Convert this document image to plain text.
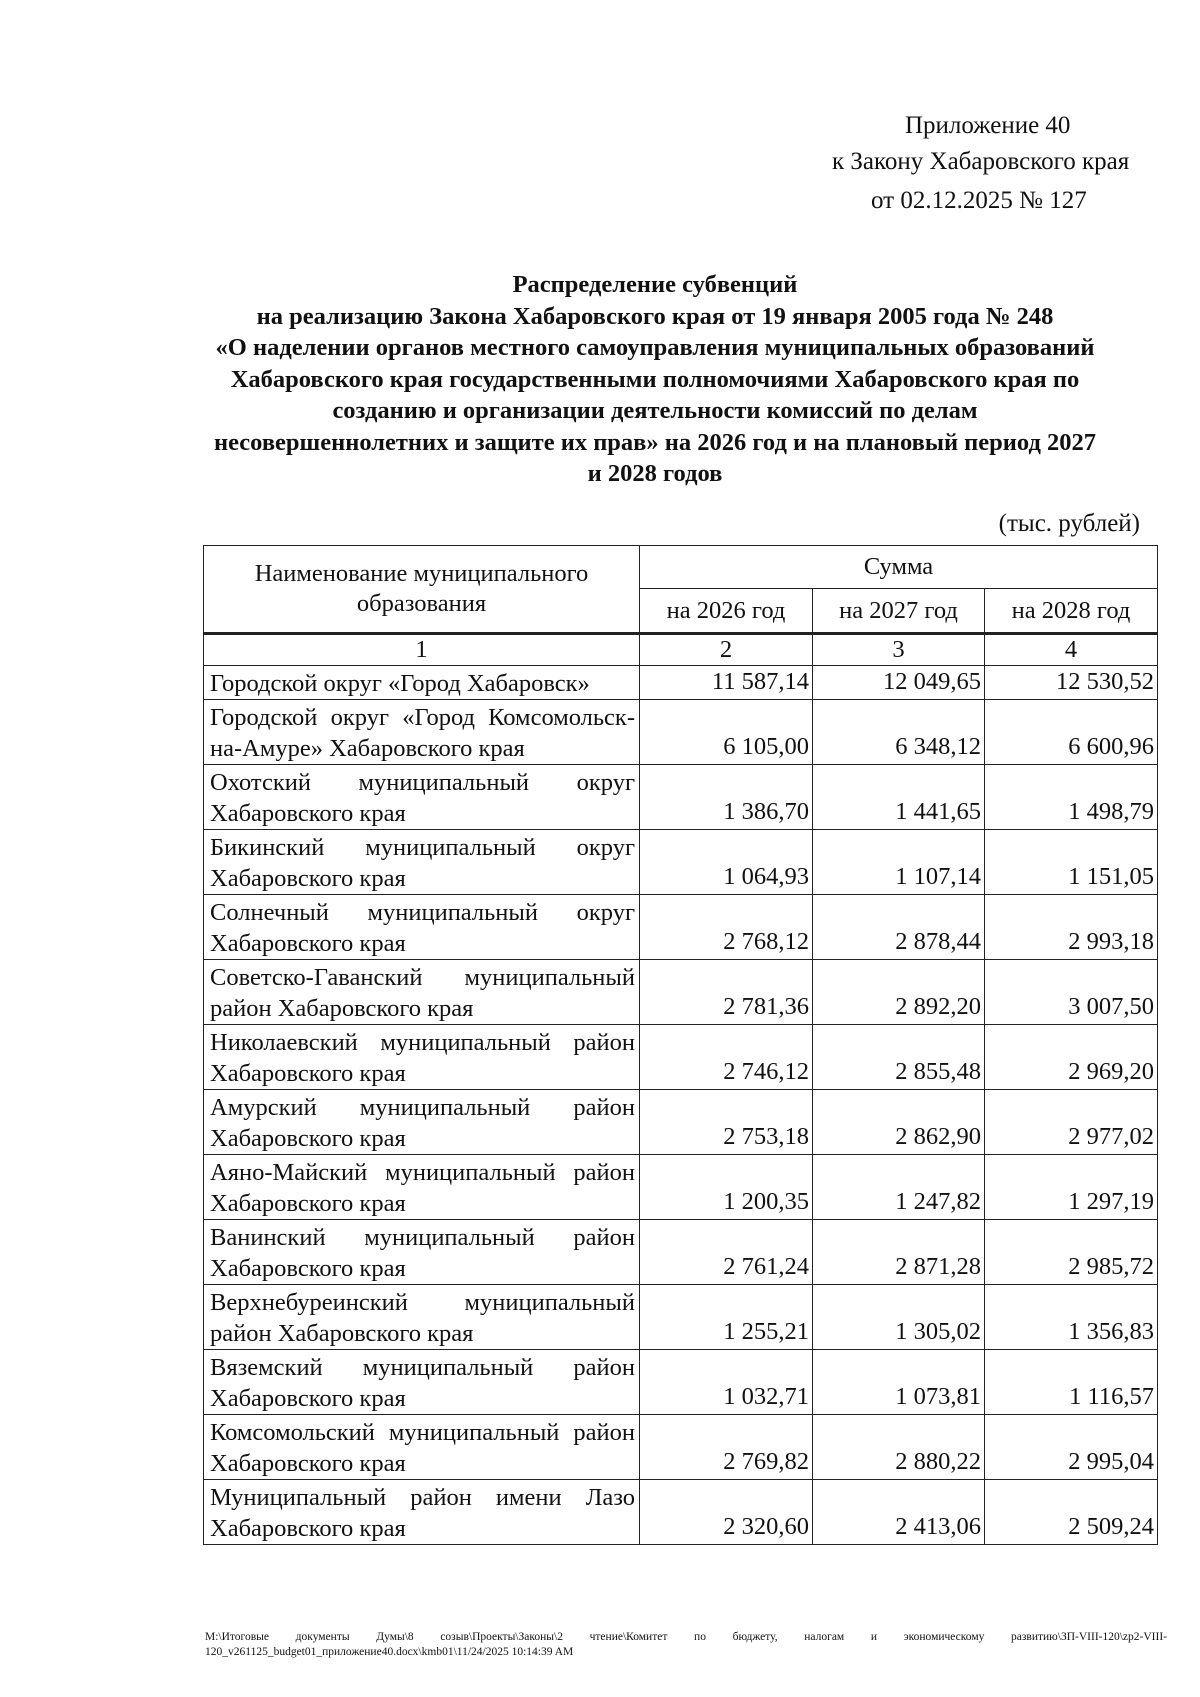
Приложение 40
к Закону Хабаровского края
от 02.12.2025 № 127
Распределение субвенций
на реализацию Закона Хабаровского края от 19 января 2005 года № 248
«О наделении органов местного самоуправления муниципальных образований
Хабаровского края государственными полномочиями Хабаровского края по
созданию и организации деятельности комиссий по делам
несовершеннолетних и защите их прав» на 2026 год и на плановый период 2027
и 2028 годов
(тыс. рублей)
Наименование муниципального образования	Сумма		
	на 2026 год	на 2027 год	на 2028 год
1	2	3	4
Городской округ «Город Хабаровск»	11 587,14	12 049,65	12 530,52
Городской округ «Город Комсомольск-на-Амуре» Хабаровского края	6 105,00	6 348,12	6 600,96
Охотский муниципальный округ Хабаровского края	1 386,70	1 441,65	1 498,79
Бикинский муниципальный округ Хабаровского края	1 064,93	1 107,14	1 151,05
Солнечный муниципальный округ Хабаровского края	2 768,12	2 878,44	2 993,18
Советско-Гаванский муниципальный район Хабаровского края	2 781,36	2 892,20	3 007,50
Николаевский муниципальный район Хабаровского края	2 746,12	2 855,48	2 969,20
Амурский муниципальный район Хабаровского края	2 753,18	2 862,90	2 977,02
Аяно-Майский муниципальный район Хабаровского края	1 200,35	1 247,82	1 297,19
Ванинский муниципальный район Хабаровского края	2 761,24	2 871,28	2 985,72
Верхнебуреинский муниципальный район Хабаровского края	1 255,21	1 305,02	1 356,83
Вяземский муниципальный район Хабаровского края	1 032,71	1 073,81	1 116,57
Комсомольский муниципальный район Хабаровского края	2 769,82	2 880,22	2 995,04
Муниципальный район имени Лазо Хабаровского края	2 320,60	2 413,06	2 509,24
M:\Итоговые документы Думы\8 созыв\Проекты\Законы\2 чтение\Комитет по бюджету, налогам и экономическому развитию\ЗП-VIII-120\zp2-VIII-120_v261125_budget01_приложение40.docx\kmb01\11/24/2025 10:14:39 AM
